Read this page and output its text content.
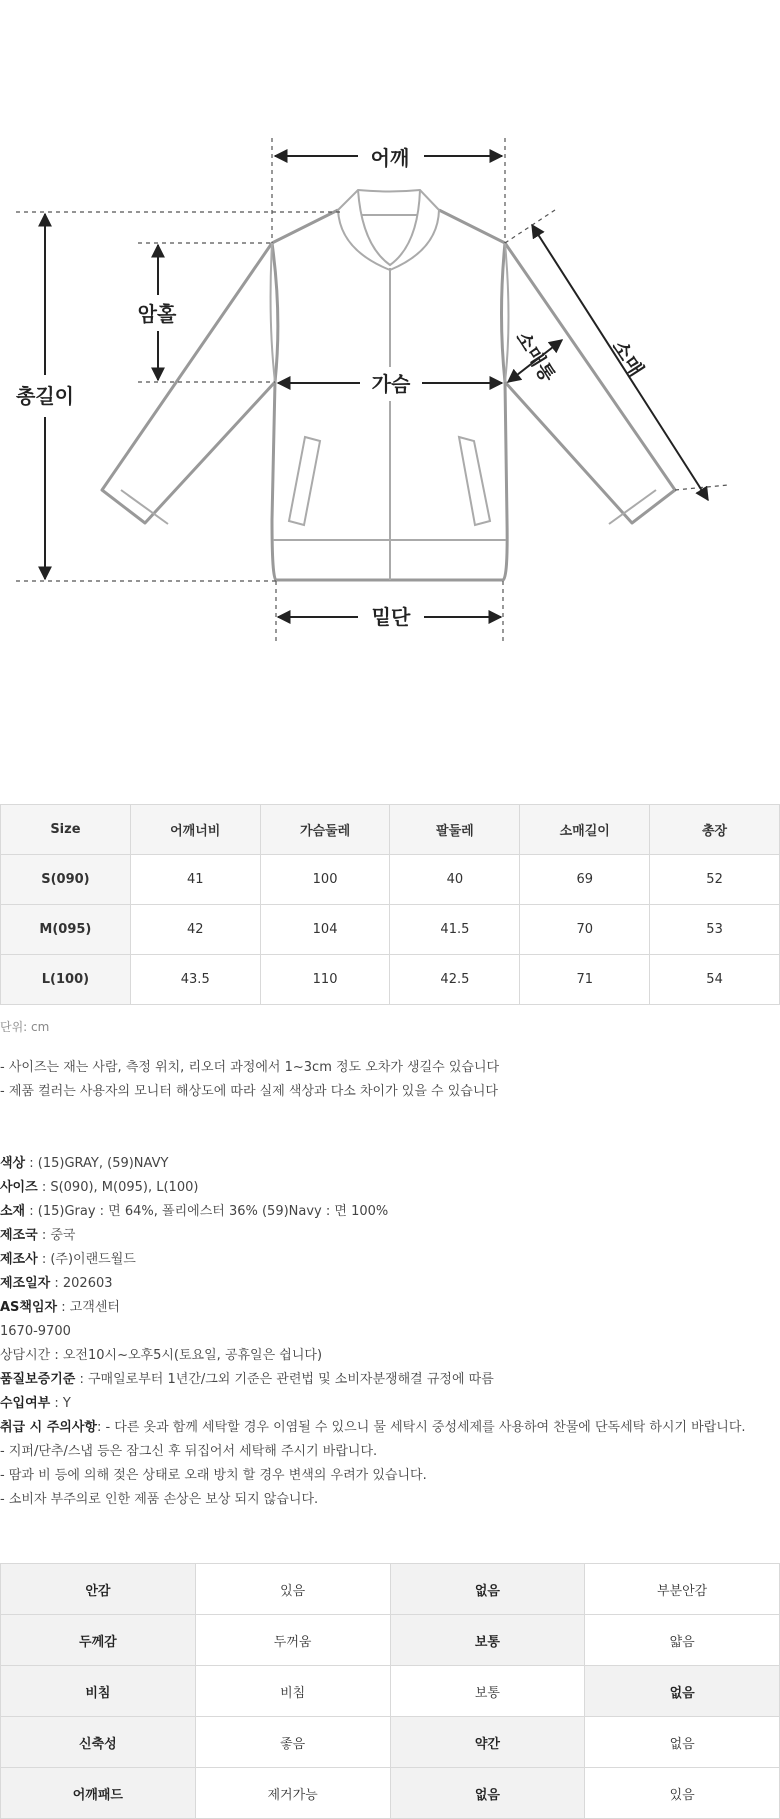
어깨
총길이
암홀
가슴	소매통 소매
밑단
Size	어깨너비	가슴둘레	팔둘레	소매길이	총장
S(090)	41	100	40	69	52
M(095)	42	104	41.5	70	53
L(100)	43.5	110	42.5	71	54
단위: cm
- 사이즈는 재는 사람, 측정 위치, 리오더 과정에서 1~3cm 정도 오차가 생길수 있습니다
- 제품 컬러는 사용자의 모니터 해상도에 따라 실제 색상과 다소 차이가 있을 수 있습니다
색상 : (15)GRAY, (59)NAVY
사이즈 : S(090), M(095), L(100)
소재 : (15)Gray : 면 64%, 폴리에스터 36% (59)Navy : 면 100%
제조국 : 중국
제조사 : (주)이랜드월드
제조일자 : 202603
AS책임자 : 고객센터
1670-9700
상담시간 : 오전10시~오후5시(토요일, 공휴일은 쉽니다)
품질보증기준 : 구매일로부터 1년간/그외 기준은 관련법 및 소비자분쟁해결 규정에 따름
수입여부 : Y
취급 시 주의사항: - 다른 옷과 함께 세탁할 경우 이염될 수 있으니 물 세탁시 중성세제를 사용하여 찬물에 단독세탁 하시기 바랍니다.
- 지퍼/단추/스냅 등은 잠그신 후 뒤집어서 세탁해 주시기 바랍니다.
- 땀과 비 등에 의해 젖은 상태로 오래 방치 할 경우 변색의 우려가 있습니다.
- 소비자 부주의로 인한 제품 손상은 보상 되지 않습니다.
안감	있음	없음	부분안감
두께감	두꺼움	보통	얇음
비침	비침	보통	없음
신축성	좋음	약간	없음
어깨패드	제거가능	없음	있음
